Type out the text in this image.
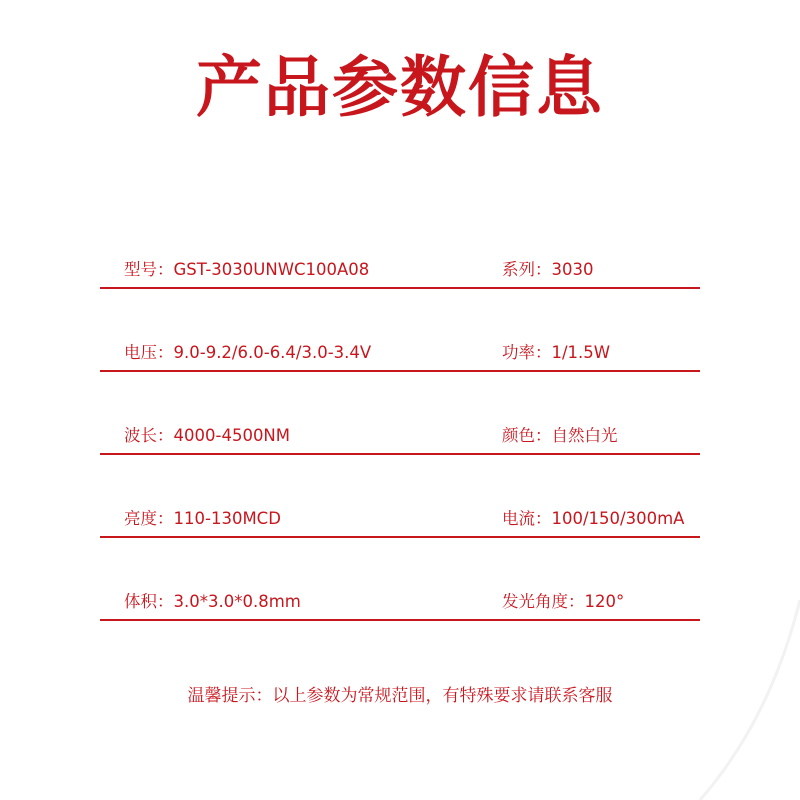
产品参数信息
型号：GST-3030UNWC100A08	系列：3030
电压：9.0-9.2/6.0-6.4/3.0-3.4V	功率：1/1.5W
波长：4000-4500NM	颜色：自然白光
亮度：110-130MCD	电流：100/150/300mA
体积：3.0*3.0*0.8mm	发光角度：120°
温馨提示：以上参数为常规范围，有特殊要求请联系客服
